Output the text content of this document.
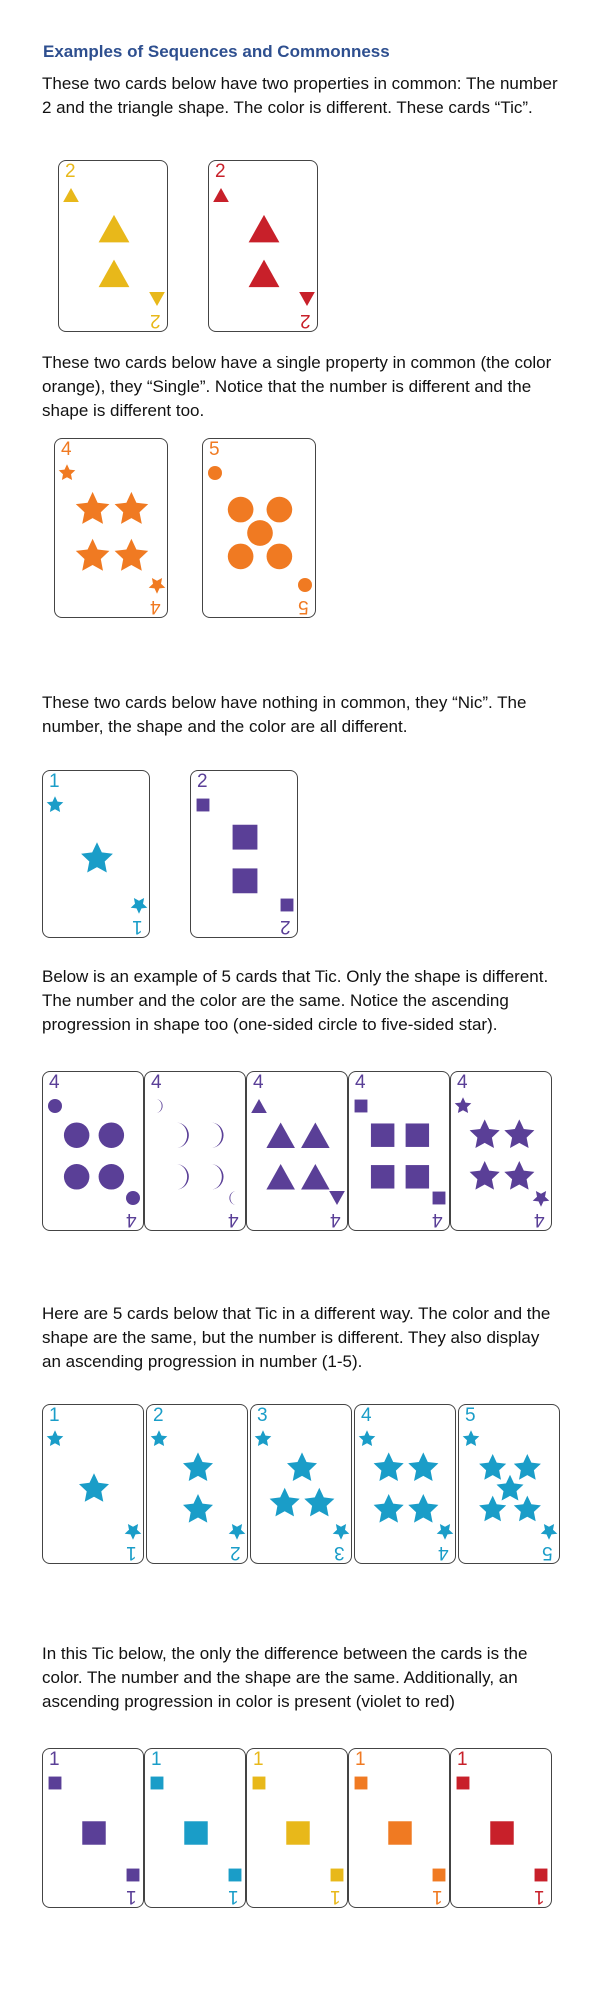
Examples of Sequences and Commonness
These two cards below have two properties in common: The number 2 and the triangle shape. The color is different. These cards “Tic”.
These two cards below have a single property in common (the color orange), they “Single”. Notice that the number is different and the shape is different too.
These two cards below have nothing in common, they “Nic”. The number, the shape and the color are all different.
Below is an example of 5 cards that Tic. Only the shape is different. The number and the color are the same. Notice the ascending progression in shape too (one-sided circle to five-sided star).
Here are 5 cards below that Tic in a different way. The color and the shape are the same, but the number is different. They also display an ascending progression in number (1-5).
In this Tic below, the only the difference between the cards is the color. The number and the shape are the same. Additionally, an ascending progression in color is present (violet to red)
2
2
2
2
4
4
5
5
1
1
2
2
4
4
4
4
4
4
4
4
4
4
1
1
2
2
3
3
4
4
5
5
1
1
1
1
1
1
1
1
1
1
